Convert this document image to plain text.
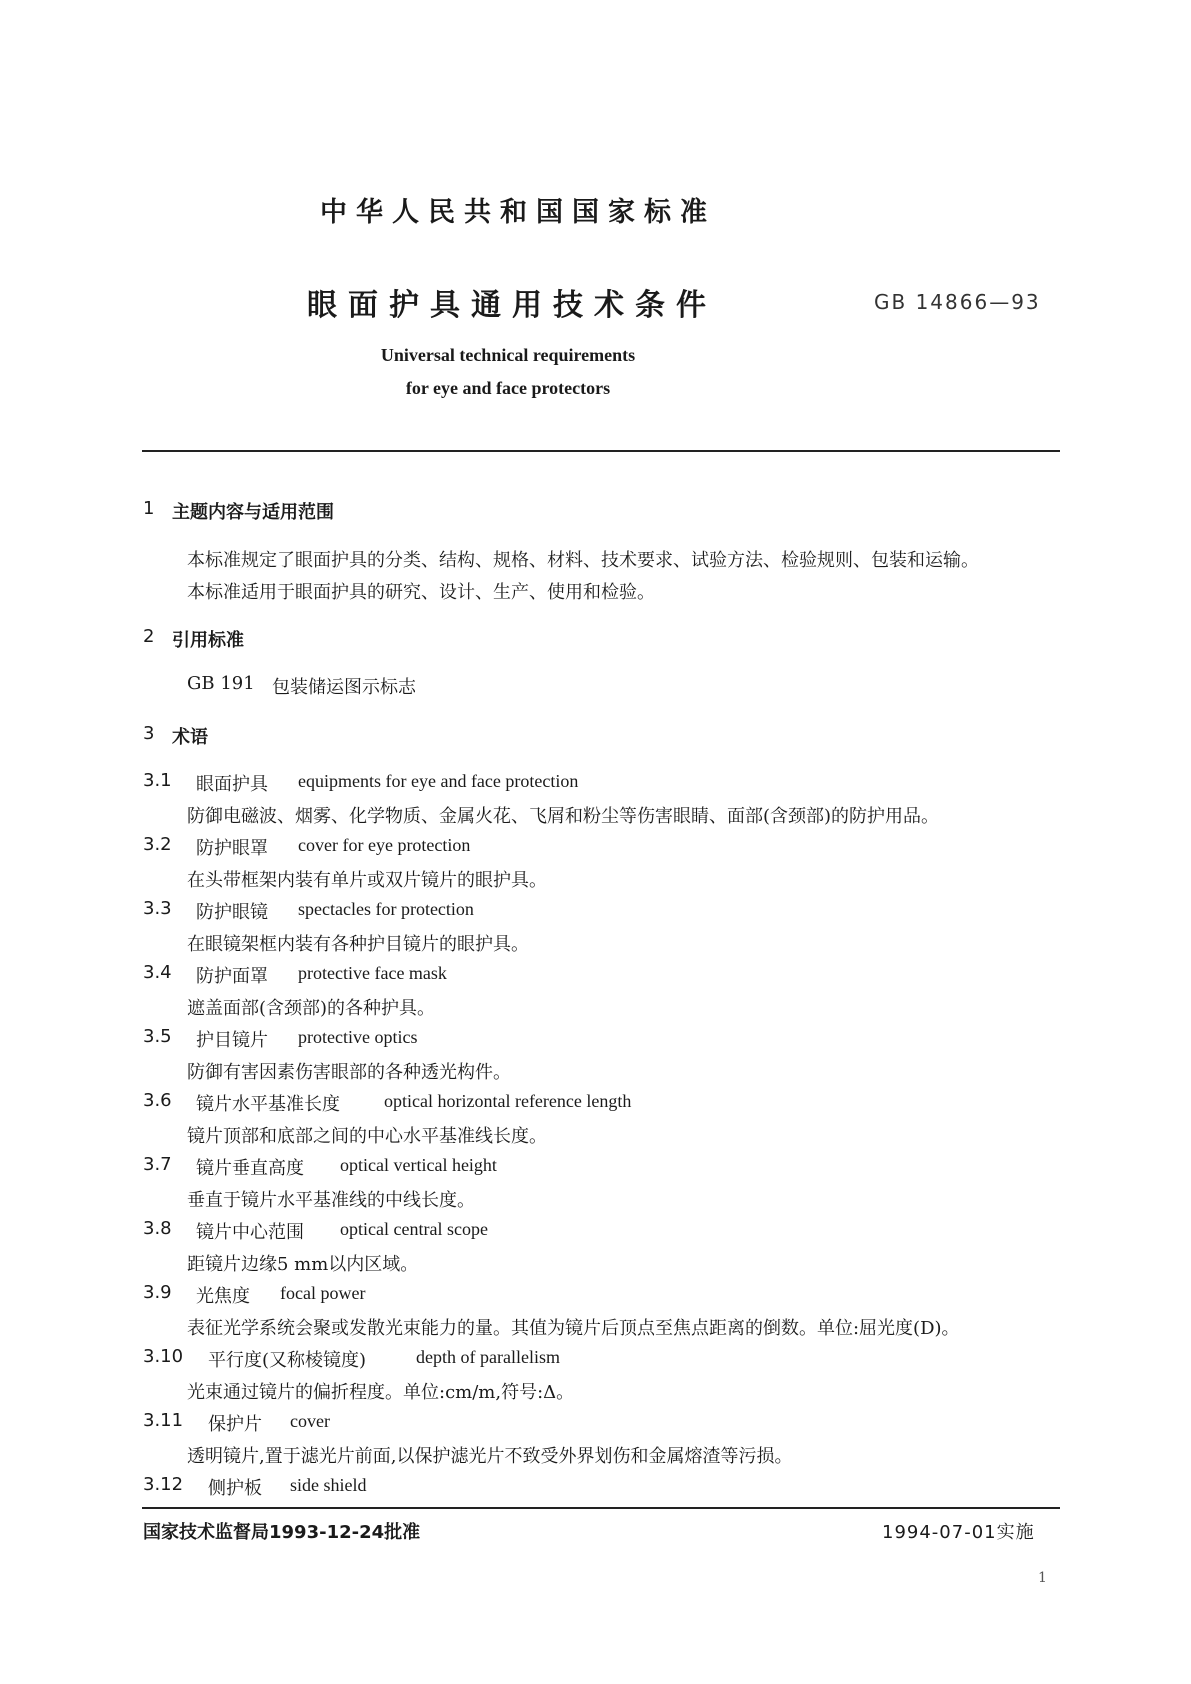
中华人民共和国国家标准
眼面护具通用技术条件	GB 14866—93
Universal technical requirements
for eye and face protectors
1 主题内容与适用范围
本标准规定了眼面护具的分类、结构、规格、材料、技术要求、试验方法、检验规则、包装和运输。
本标准适用于眼面护具的研究、设计、生产、使用和检验。
2 引用标准
GB 191 包装储运图示标志
3 术语
3.1 眼面护具 equipments for eye and face protection
防御电磁波、烟雾、化学物质、金属火花、飞屑和粉尘等伤害眼睛、面部(含颈部)的防护用品。
3.2 防护眼罩 cover for eye protection
在头带框架内装有单片或双片镜片的眼护具。
3.3 防护眼镜 spectacles for protection
在眼镜架框内装有各种护目镜片的眼护具。
3.4 防护面罩 protective face mask
遮盖面部(含颈部)的各种护具。
3.5 护目镜片 protective optics
防御有害因素伤害眼部的各种透光构件。
3.6 镜片水平基准长度 optical horizontal reference length
镜片顶部和底部之间的中心水平基准线长度。
3.7 镜片垂直高度 optical vertical height
垂直于镜片水平基准线的中线长度。
3.8 镜片中心范围 optical central scope
距镜片边缘5 mm以内区域。
3.9 光焦度 focal power
表征光学系统会聚或发散光束能力的量。其值为镜片后顶点至焦点距离的倒数。单位:屈光度(D)。
3.10 平行度(又称棱镜度)	depth of parallelism
光束通过镜片的偏折程度。单位:cm/m,符号:Δ。
3.11 保护片 cover
透明镜片,置于滤光片前面,以保护滤光片不致受外界划伤和金属熔渣等污损。
3.12 侧护板 side shield
国家技术监督局1993-12-24批准	1994-07-01实施
1
